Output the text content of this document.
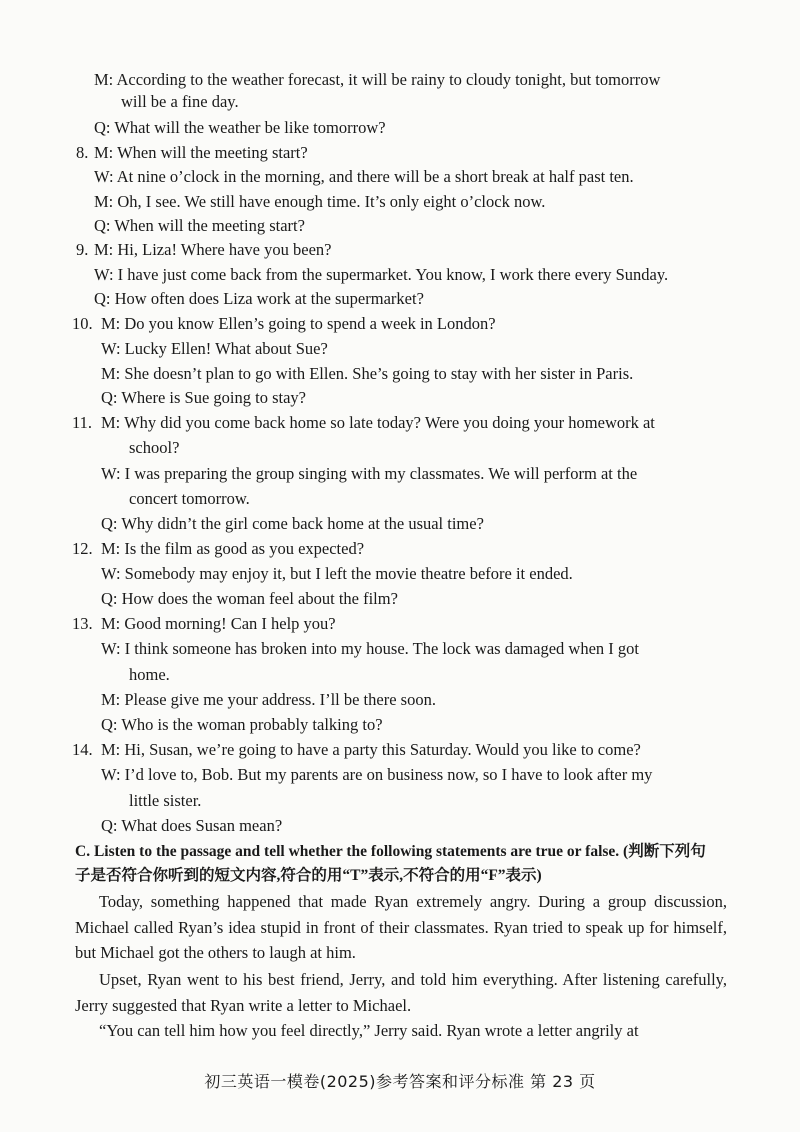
M: According to the weather forecast, it will be rainy to cloudy tonight, but tomorrow
will be a fine day.
Q: What will the weather be like tomorrow?
8. M: When will the meeting start?
W: At nine o’clock in the morning, and there will be a short break at half past ten.
M: Oh, I see. We still have enough time. It’s only eight o’clock now.
Q: When will the meeting start?
9. M: Hi, Liza! Where have you been?
W: I have just come back from the supermarket. You know, I work there every Sunday.
Q: How often does Liza work at the supermarket?
10. M: Do you know Ellen’s going to spend a week in London?
W: Lucky Ellen! What about Sue?
M: She doesn’t plan to go with Ellen. She’s going to stay with her sister in Paris.
Q: Where is Sue going to stay?
11. M: Why did you come back home so late today? Were you doing your homework at
school?
W: I was preparing the group singing with my classmates. We will perform at the
concert tomorrow.
Q: Why didn’t the girl come back home at the usual time?
12. M: Is the film as good as you expected?
W: Somebody may enjoy it, but I left the movie theatre before it ended.
Q: How does the woman feel about the film?
13. M: Good morning! Can I help you?
W: I think someone has broken into my house. The lock was damaged when I got
home.
M: Please give me your address. I’ll be there soon.
Q: Who is the woman probably talking to?
14. M: Hi, Susan, we’re going to have a party this Saturday. Would you like to come?
W: I’d love to, Bob. But my parents are on business now, so I have to look after my
little sister.
Q: What does Susan mean?
C. Listen to the passage and tell whether the following statements are true or false. (判断下列句
子是否符合你听到的短文内容,符合的用“T”表示,不符合的用“F”表示)
Today, something happened that made Ryan extremely angry. During a group discussion, Michael called Ryan’s idea stupid in front of their classmates. Ryan tried to speak up for himself, but Michael got the others to laugh at him.
Upset, Ryan went to his best friend, Jerry, and told him everything. After listening carefully, Jerry suggested that Ryan write a letter to Michael.
“You can tell him how you feel directly,” Jerry said. Ryan wrote a letter angrily at
初三英语一模卷(2025)参考答案和评分标准 第 23 页
